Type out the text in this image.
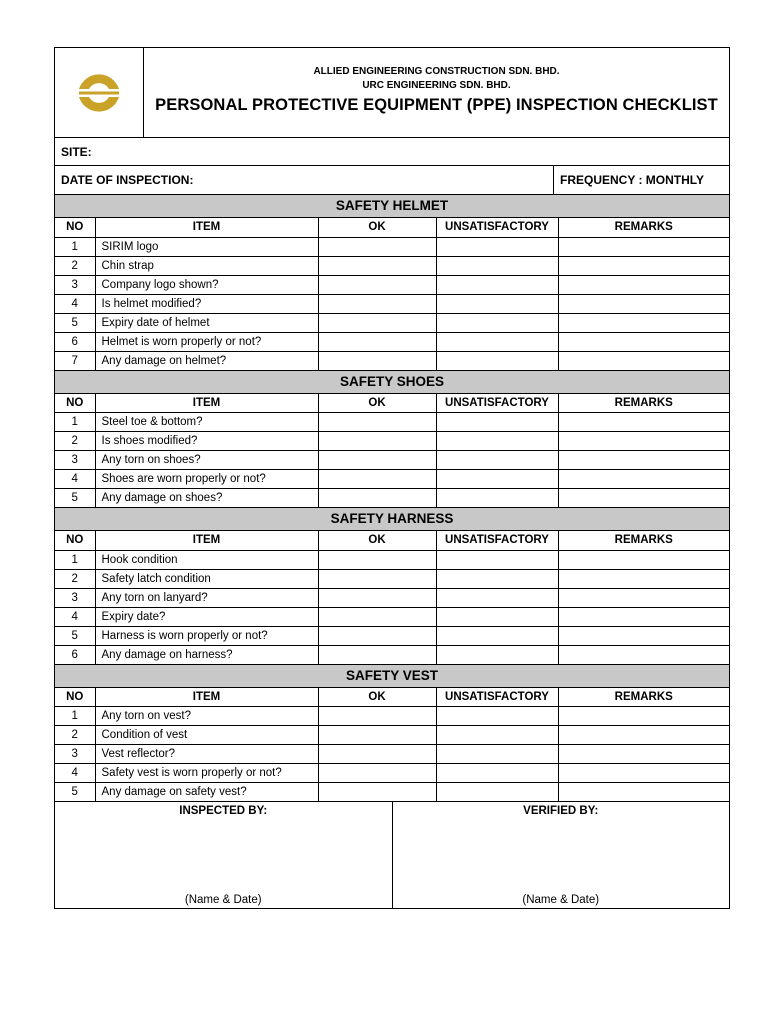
ALLIED ENGINEERING CONSTRUCTION SDN. BHD.
URC ENGINEERING SDN. BHD.
PERSONAL PROTECTIVE EQUIPMENT (PPE) INSPECTION CHECKLIST
SITE:
DATE OF INSPECTION:	FREQUENCY : MONTHLY
SAFETY HELMET
NO	ITEM	OK	UNSATISFACTORY	REMARKS
1	SIRIM logo			
2	Chin strap			
3	Company logo shown?			
4	Is helmet modified?			
5	Expiry date of helmet			
6	Helmet is worn properly or not?			
7	Any damage on helmet?			
SAFETY SHOES
NO	ITEM	OK	UNSATISFACTORY	REMARKS
1	Steel toe & bottom?			
2	Is shoes modified?			
3	Any torn on shoes?			
4	Shoes are worn properly or not?			
5	Any damage on shoes?			
SAFETY HARNESS
NO	ITEM	OK	UNSATISFACTORY	REMARKS
1	Hook condition			
2	Safety latch condition			
3	Any torn on lanyard?			
4	Expiry date?			
5	Harness is worn properly or not?			
6	Any damage on harness?			
SAFETY VEST
NO	ITEM	OK	UNSATISFACTORY	REMARKS
1	Any torn on vest?			
2	Condition of vest			
3	Vest reflector?			
4	Safety vest is worn properly or not?			
5	Any damage on safety vest?			
INSPECTED BY:
(Name & Date)
VERIFIED BY:
(Name & Date)
